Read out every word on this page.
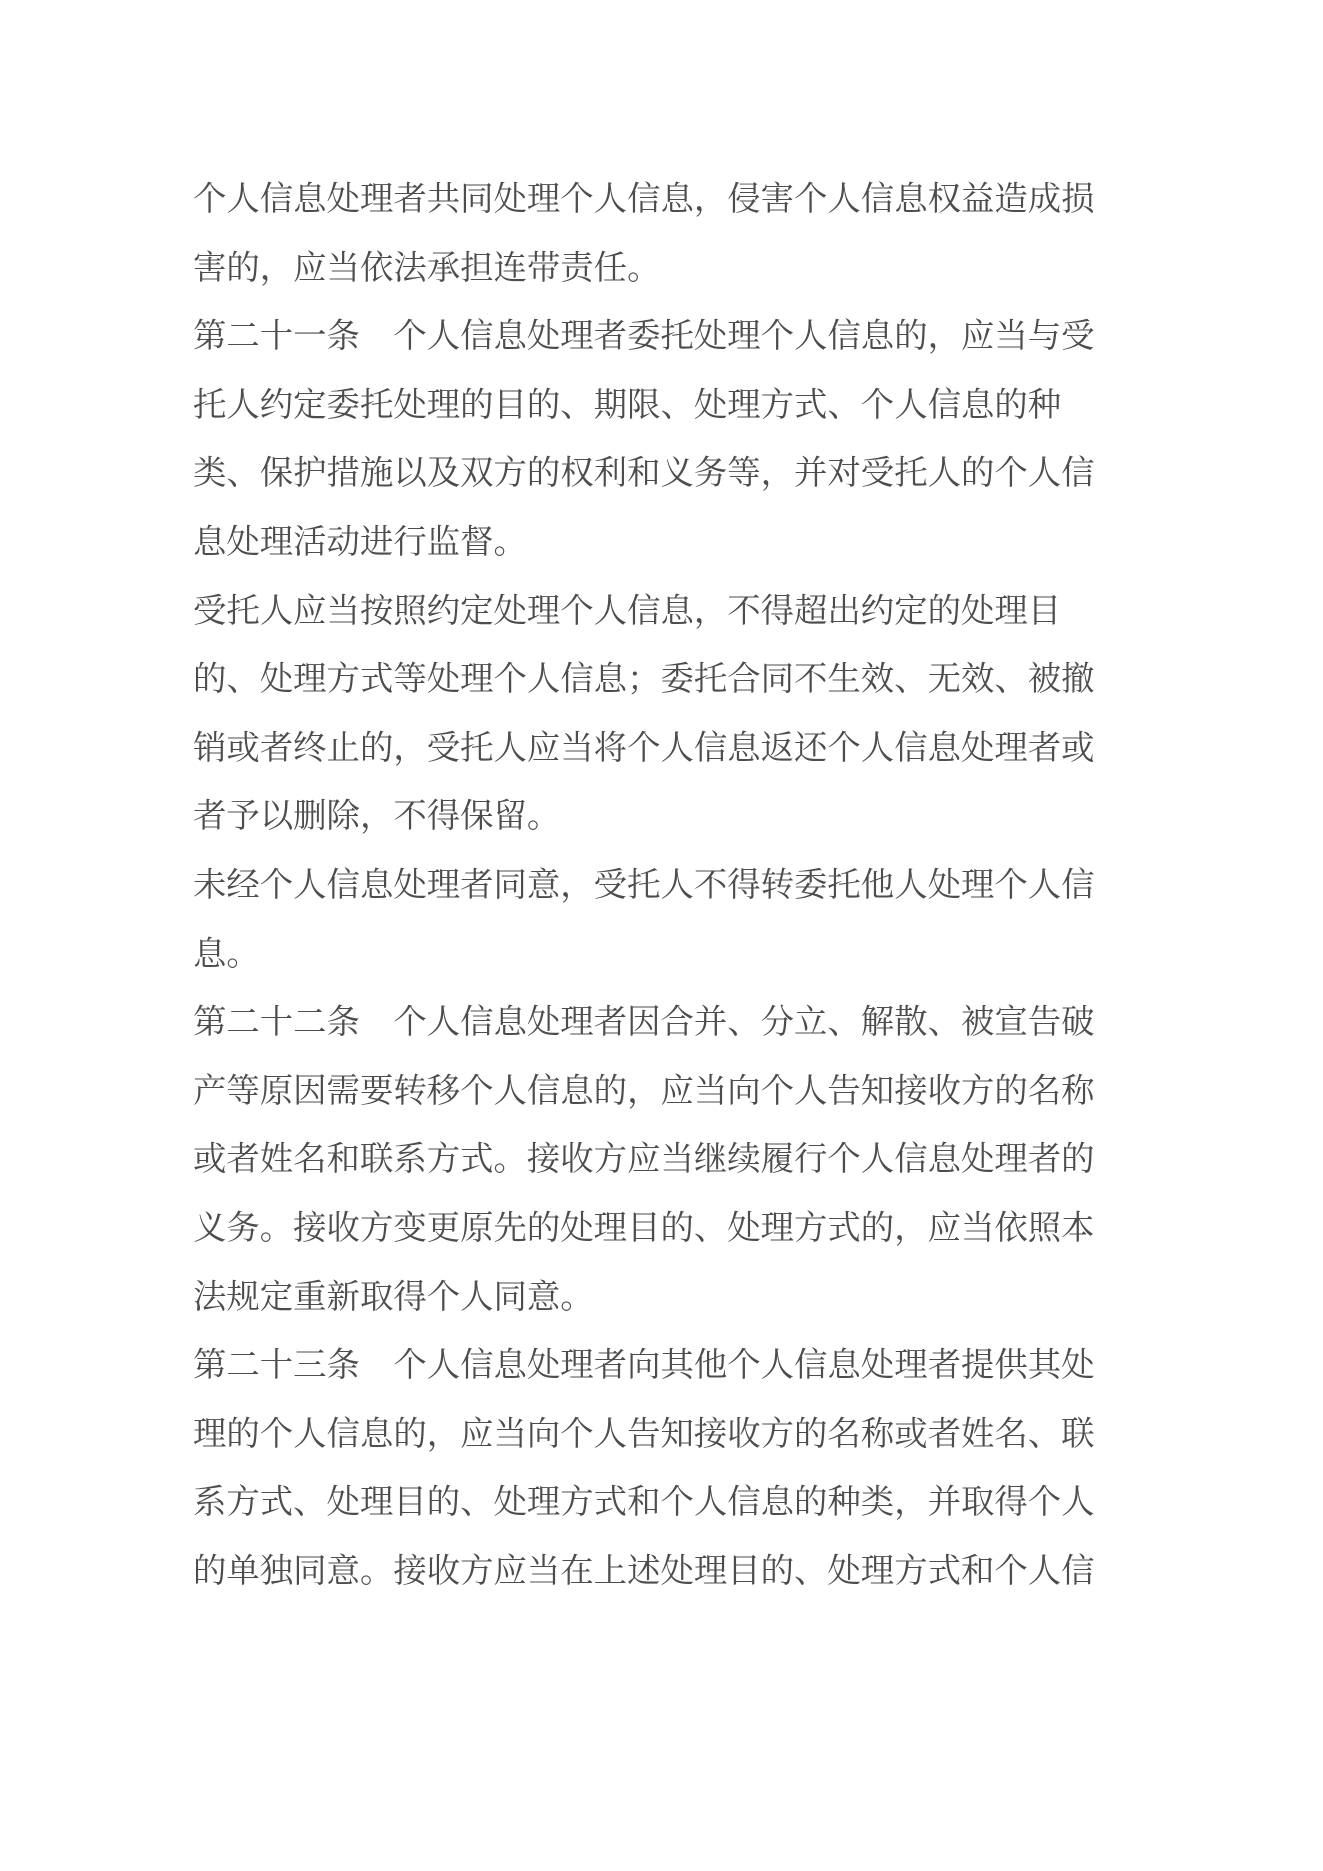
个人信息处理者共同处理个人信息，侵害个人信息权益造成损害的，应当依法承担连带责任。

第二十一条　个人信息处理者委托处理个人信息的，应当与受托人约定委托处理的目的、期限、处理方式、个人信息的种类、保护措施以及双方的权利和义务等，并对受托人的个人信息处理活动进行监督。

受托人应当按照约定处理个人信息，不得超出约定的处理目的、处理方式等处理个人信息；委托合同不生效、无效、被撤销或者终止的，受托人应当将个人信息返还个人信息处理者或者予以删除，不得保留。

未经个人信息处理者同意，受托人不得转委托他人处理个人信息。

第二十二条　个人信息处理者因合并、分立、解散、被宣告破产等原因需要转移个人信息的，应当向个人告知接收方的名称或者姓名和联系方式。接收方应当继续履行个人信息处理者的义务。接收方变更原先的处理目的、处理方式的，应当依照本法规定重新取得个人同意。

第二十三条　个人信息处理者向其他个人信息处理者提供其处理的个人信息的，应当向个人告知接收方的名称或者姓名、联系方式、处理目的、处理方式和个人信息的种类，并取得个人的单独同意。接收方应当在上述处理目的、处理方式和个人信
